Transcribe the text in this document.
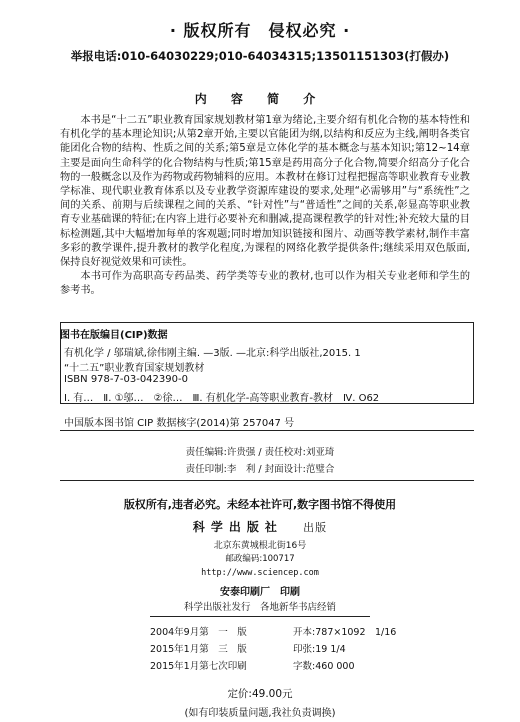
· 版权所有　侵权必究 ·
举报电话:010-64030229;010-64034315;13501151303(打假办)
内 容 简 介

本书是“十二五”职业教育国家规划教材第1章为绪论,主要介绍有机化合物的基本特性和有机化学的基本理论知识;从第2章开始,主要以官能团为纲,以结构和反应为主线,阐明各类官能团化合物的结构、性质之间的关系;第5章是立体化学的基本概念与基本知识;第12~14章主要是面向生命科学的化合物结构与性质;第15章是药用高分子化合物,简要介绍高分子化合物的一般概念以及作为药物或药物辅料的应用。本教材在修订过程把握高等职业教育专业教学标准、现代职业教育体系以及专业教学资源库建设的要求,处理“必需够用”与“系统性”之间的关系、前期与后续课程之间的关系、“针对性”与“普适性”之间的关系,彰显高等职业教育专业基础课的特征;在内容上进行必要补充和删减,提高课程教学的针对性;补充较大量的目标检测题,其中大幅增加每单的客观题;同时增加知识链接和图片、动画等教学素材,制作丰富多彩的教学课件,提升教材的教学化程度,为课程的网络化教学提供条件;继续采用双色版面,保持良好视觉效果和可读性。

本书可作为高职高专药品类、药学类等专业的教材,也可以作为相关专业老师和学生的参考书。

图书在版编目(CIP)数据
有机化学 / 邬瑞斌,徐伟刚主编. —3版. —北京:科学出版社,2015. 1
“十二五”职业教育国家规划教材
ISBN 978-7-03-042390-0
Ⅰ. 有…　Ⅱ. ①邬…　②徐…　Ⅲ. 有机化学-高等职业教育-教材　Ⅳ. O62
中国版本图书馆 CIP 数据核字(2014)第 257047 号
责任编辑:许贵强 / 责任校对:刘亚琦
责任印制:李　利 / 封面设计:范璧合
版权所有,违者必究。未经本社许可,数字图书馆不得使用
科学出版社 出版
北京东黄城根北街16号
邮政编码:100717
http://www.sciencep.com
安泰印刷厂　印刷
科学出版社发行　各地新华书店经销
2004年9月第　一　版	开本:787×1092　1/16
2015年1月第　三　版	印张:19 1/4
2015年1月第七次印刷	字数:460 000
定价:49.00元
(如有印装质量问题,我社负责调换)
